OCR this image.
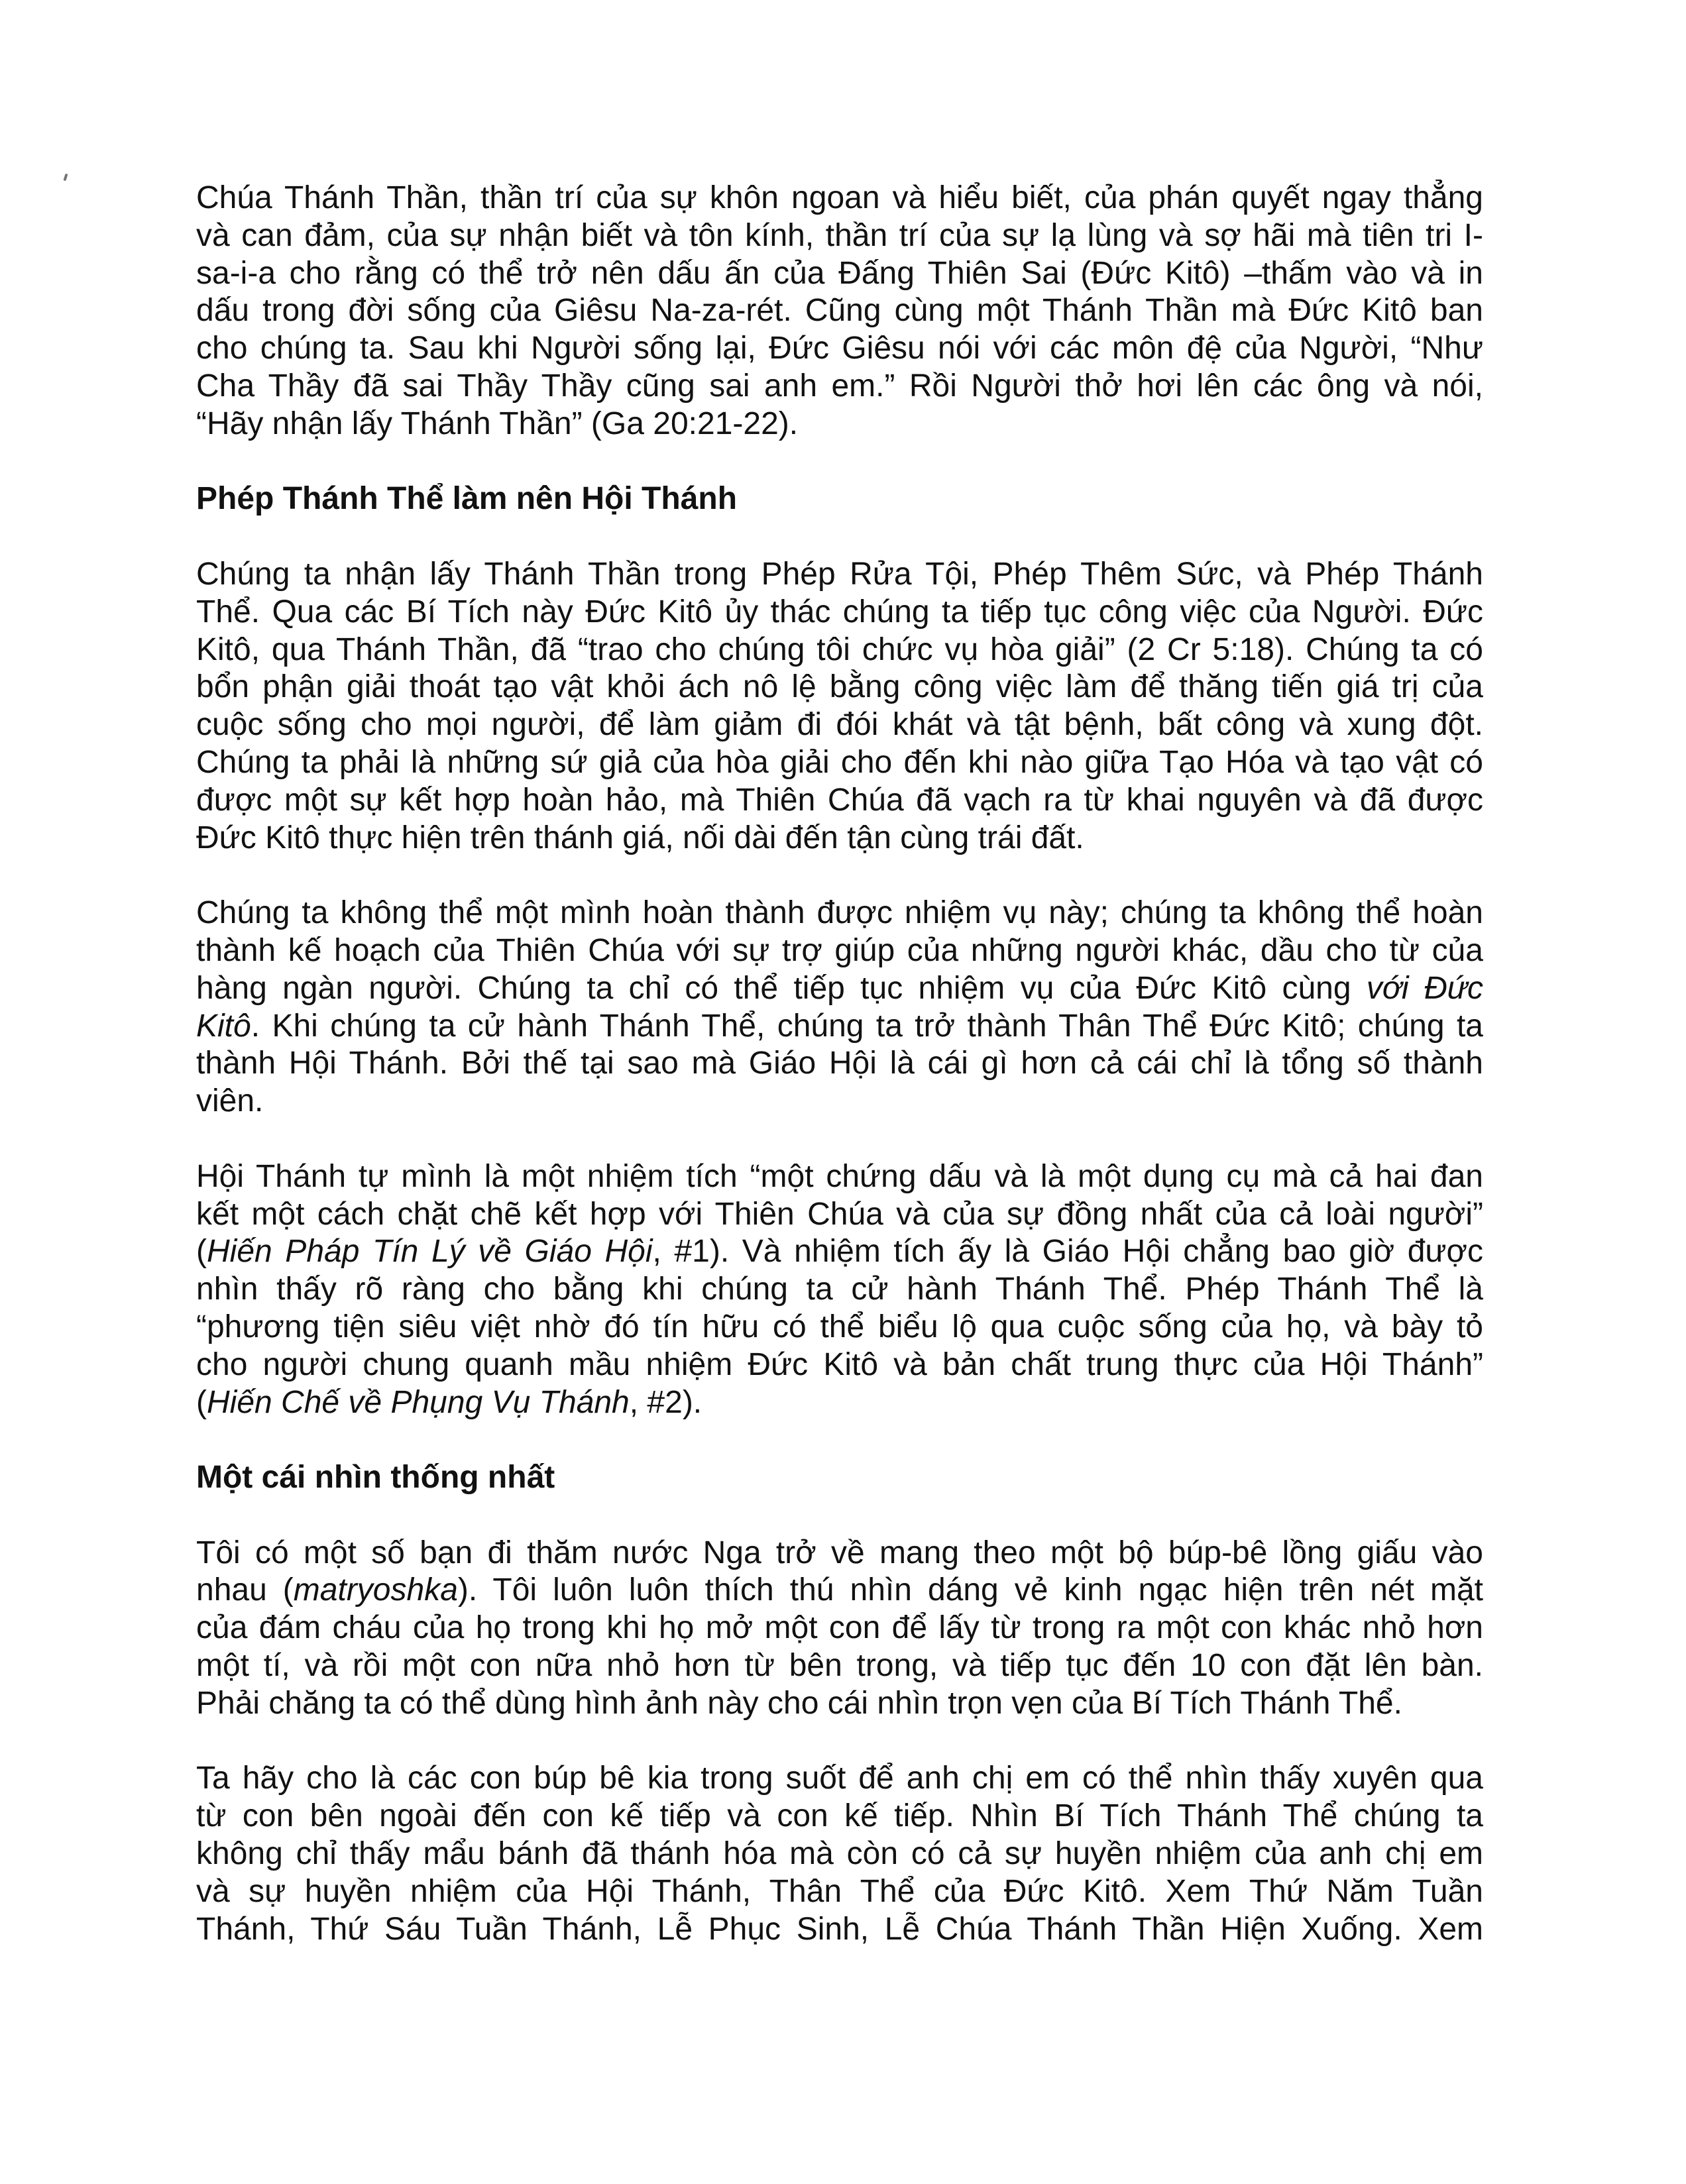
Chúa Thánh Thần, thần trí của sự khôn ngoan và hiểu biết, của phán quyết ngay thẳng
và can đảm, của sự nhận biết và tôn kính, thần trí của sự lạ lùng và sợ hãi mà tiên tri I-
sa-i-a cho rằng có thể trở nên dấu ấn của Đấng Thiên Sai (Đức Kitô) –thấm vào và in
dấu trong đời sống của Giêsu Na-za-rét. Cũng cùng một Thánh Thần mà Đức Kitô ban
cho chúng ta. Sau khi Người sống lại, Đức Giêsu nói với các môn đệ của Người, “Như
Cha Thầy đã sai Thầy Thầy cũng sai anh em.” Rồi Người thở hơi lên các ông và nói,
“Hãy nhận lấy Thánh Thần” (Ga 20:21-22).
Phép Thánh Thể làm nên Hội Thánh
Chúng ta nhận lấy Thánh Thần trong Phép Rửa Tội, Phép Thêm Sức, và Phép Thánh
Thể. Qua các Bí Tích này Đức Kitô ủy thác chúng ta tiếp tục công việc của Người. Đức
Kitô, qua Thánh Thần, đã “trao cho chúng tôi chức vụ hòa giải” (2 Cr 5:18). Chúng ta có
bổn phận giải thoát tạo vật khỏi ách nô lệ bằng công việc làm để thăng tiến giá trị của
cuộc sống cho mọi người, để làm giảm đi đói khát và tật bệnh, bất công và xung đột.
Chúng ta phải là những sứ giả của hòa giải cho đến khi nào giữa Tạo Hóa và tạo vật có
được một sự kết hợp hoàn hảo, mà Thiên Chúa đã vạch ra từ khai nguyên và đã được
Đức Kitô thực hiện trên thánh giá, nối dài đến tận cùng trái đất.
Chúng ta không thể một mình hoàn thành được nhiệm vụ này; chúng ta không thể hoàn
thành kế hoạch của Thiên Chúa với sự trợ giúp của những người khác, dầu cho từ của
hàng ngàn người. Chúng ta chỉ có thể tiếp tục nhiệm vụ của Đức Kitô cùng với Đức
Kitô. Khi chúng ta cử hành Thánh Thể, chúng ta trở thành Thân Thể Đức Kitô; chúng ta
thành Hội Thánh. Bởi thế tại sao mà Giáo Hội là cái gì hơn cả cái chỉ là tổng số thành
viên.
Hội Thánh tự mình là một nhiệm tích “một chứng dấu và là một dụng cụ mà cả hai đan
kết một cách chặt chẽ kết hợp với Thiên Chúa và của sự đồng nhất của cả loài người”
(Hiến Pháp Tín Lý về Giáo Hội, #1). Và nhiệm tích ấy là Giáo Hội chẳng bao giờ được
nhìn thấy rõ ràng cho bằng khi chúng ta cử hành Thánh Thể. Phép Thánh Thể là
“phương tiện siêu việt nhờ đó tín hữu có thể biểu lộ qua cuộc sống của họ, và bày tỏ
cho người chung quanh mầu nhiệm Đức Kitô và bản chất trung thực của Hội Thánh”
(Hiến Chế về Phụng Vụ Thánh, #2).
Một cái nhìn thống nhất
Tôi có một số bạn đi thăm nước Nga trở về mang theo một bộ búp-bê lồng giấu vào
nhau (matryoshka). Tôi luôn luôn thích thú nhìn dáng vẻ kinh ngạc hiện trên nét mặt
của đám cháu của họ trong khi họ mở một con để lấy từ trong ra một con khác nhỏ hơn
một tí, và rồi một con nữa nhỏ hơn từ bên trong, và tiếp tục đến 10 con đặt lên bàn.
Phải chăng ta có thể dùng hình ảnh này cho cái nhìn trọn vẹn của Bí Tích Thánh Thể.
Ta hãy cho là các con búp bê kia trong suốt để anh chị em có thể nhìn thấy xuyên qua
từ con bên ngoài đến con kế tiếp và con kế tiếp. Nhìn Bí Tích Thánh Thể chúng ta
không chỉ thấy mẩu bánh đã thánh hóa mà còn có cả sự huyền nhiệm của anh chị em
và sự huyền nhiệm của Hội Thánh, Thân Thể của Đức Kitô. Xem Thứ Năm Tuần
Thánh, Thứ Sáu Tuần Thánh, Lễ Phục Sinh, Lễ Chúa Thánh Thần Hiện Xuống. Xem
